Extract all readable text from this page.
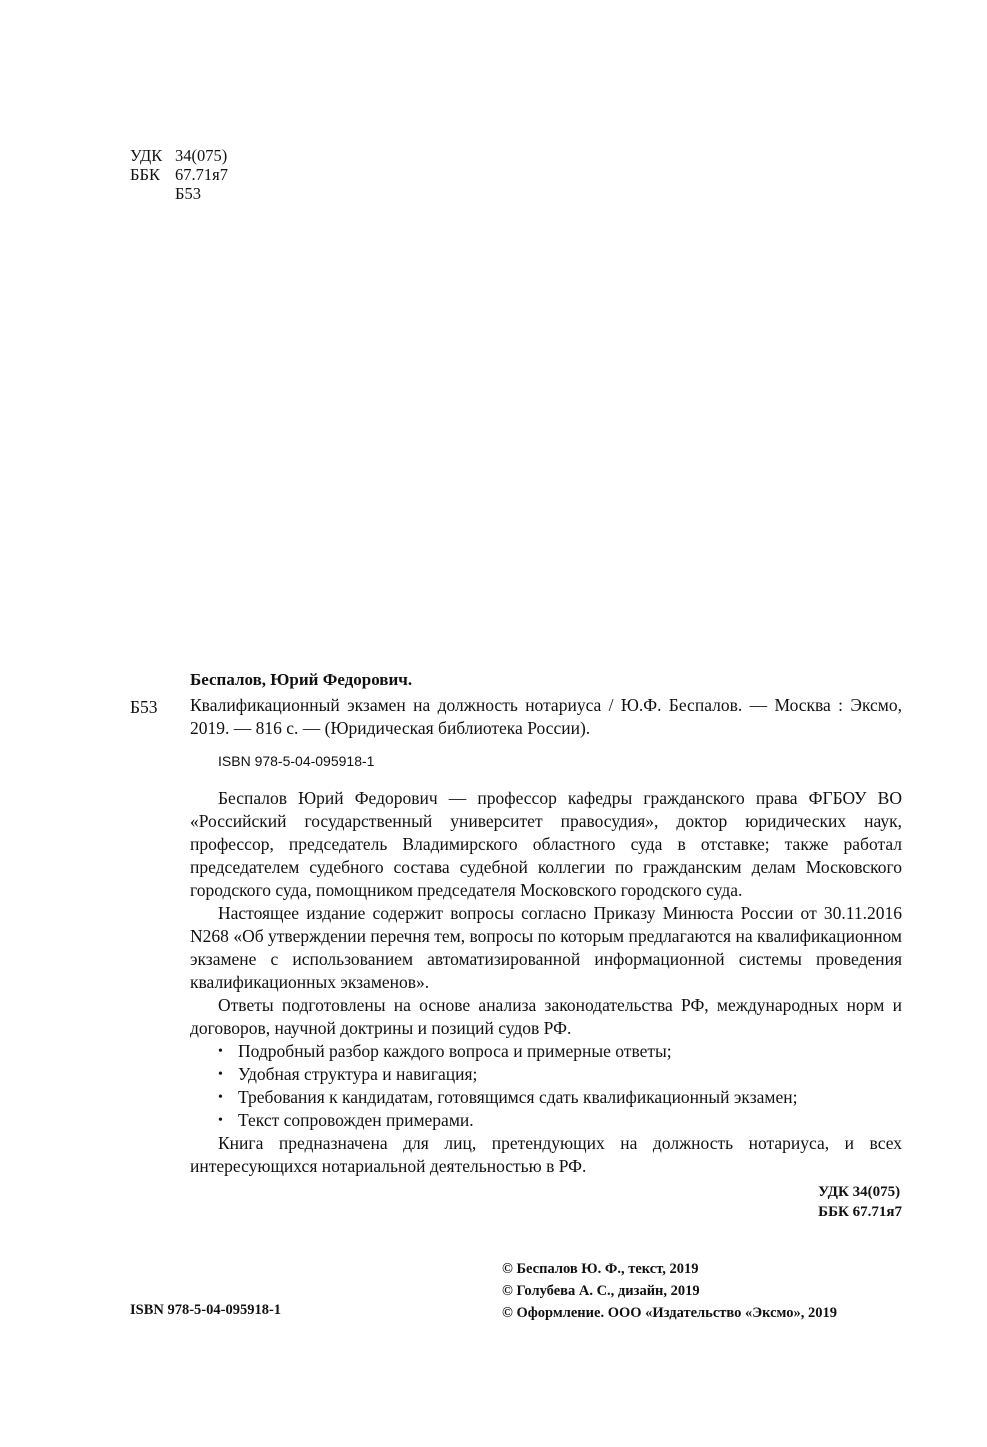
УДК 34(075)
ББК 67.71я7
Б53
Беспалов, Юрий Федорович.
Б53 Квалификационный экзамен на должность нотариуса / Ю.Ф. Беспалов. — Москва : Эксмо, 2019. — 816 с. — (Юридическая библиотека России).

ISBN 978-5-04-095918-1

Беспалов Юрий Федорович — профессор кафедры гражданского права ФГБОУ ВО «Российский государственный университет правосудия», доктор юридических наук, профессор, председатель Владимирского областного суда в отставке; также работал председателем судебного состава судебной коллегии по гражданским делам Московского городского суда, помощником председателя Московского городского суда.

Настоящее издание содержит вопросы согласно Приказу Минюста России от 30.11.2016 N268 «Об утверждении перечня тем, вопросы по которым предлагаются на квалификационном экзамене с использованием автоматизированной информационной системы проведения квалификационных экзаменов».

Ответы подготовлены на основе анализа законодательства РФ, международных норм и договоров, научной доктрины и позиций судов РФ.

• Подробный разбор каждого вопроса и примерные ответы;
• Удобная структура и навигация;
• Требования к кандидатам, готовящимся сдать квалификационный экзамен;
• Текст сопровожден примерами.

Книга предназначена для лиц, претендующих на должность нотариуса, и всех интересующихся нотариальной деятельностью в РФ.

УДК 34(075)
ББК 67.71я7
ISBN 978-5-04-095918-1
© Беспалов Ю. Ф., текст, 2019
© Голубева А. С., дизайн, 2019
© Оформление. ООО «Издательство «Эксмо», 2019
